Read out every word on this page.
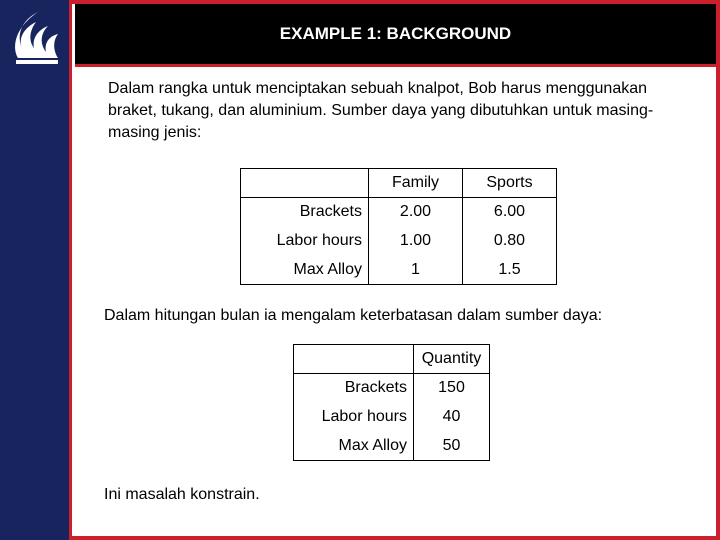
EXAMPLE 1: BACKGROUND
Dalam rangka untuk menciptakan sebuah knalpot, Bob harus menggunakan braket, tukang, dan aluminium. Sumber daya yang dibutuhkan untuk masing-masing jenis:
	Family	Sports
Brackets	2.00	6.00
Labor hours	1.00	0.80
Max Alloy	1	1.5
Dalam hitungan bulan ia mengalam keterbatasan dalam sumber daya:
	Quantity
Brackets	150
Labor hours	40
Max Alloy	50
Ini masalah konstrain.
